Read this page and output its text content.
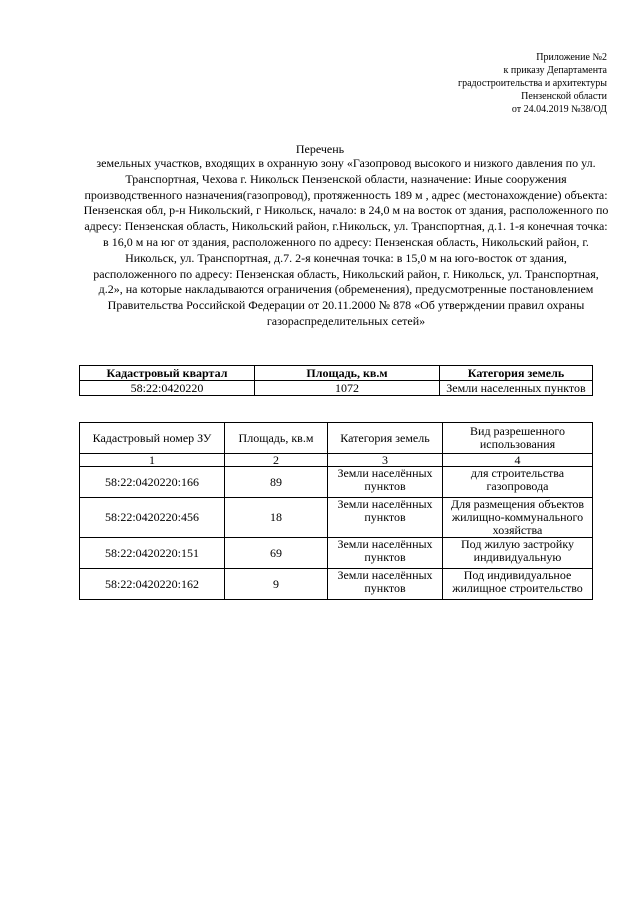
Приложение №2
к приказу Департамента
градостроительства и архитектуры
Пензенской области
от 24.04.2019 №38/ОД
Перечень
земельных участков, входящих в охранную зону «Газопровод высокого и низкого давления по ул. Транспортная, Чехова г. Никольск Пензенской области, назначение: Иные сооружения производственного назначения(газопровод), протяженность 189 м , адрес (местонахождение) объекта: Пензенская обл, р-н Никольский, г Никольск, начало: в 24,0 м на восток от здания, расположенного по адресу: Пензенская область, Никольский район, г.Никольск, ул. Транспортная, д.1. 1-я конечная точка: в 16,0 м на юг от здания, расположенного по адресу: Пензенская область, Никольский район, г. Никольск, ул. Транспортная, д.7. 2-я конечная точка: в 15,0 м на юго-восток от здания, расположенного по адресу: Пензенская область, Никольский район, г. Никольск, ул. Транспортная, д.2», на которые накладываются ограничения (обременения), предусмотренные постановлением Правительства Российской Федерации от 20.11.2000 № 878 «Об утверждении правил охраны газораспределительных сетей»
Кадастровый квартал	Площадь, кв.м	Категория земель
58:22:0420220	1072	Земли населенных пунктов
Кадастровый номер ЗУ	Площадь, кв.м	Категория земель	Вид разрешенного использования
1	2	3	4
58:22:0420220:166	89	Земли населённых пунктов	для строительства газопровода
58:22:0420220:456	18	Земли населённых пунктов	Для размещения объектов жилищно-коммунального хозяйства
58:22:0420220:151	69	Земли населённых пунктов	Под жилую застройку индивидуальную
58:22:0420220:162	9	Земли населённых пунктов	Под индивидуальное жилищное строительство
